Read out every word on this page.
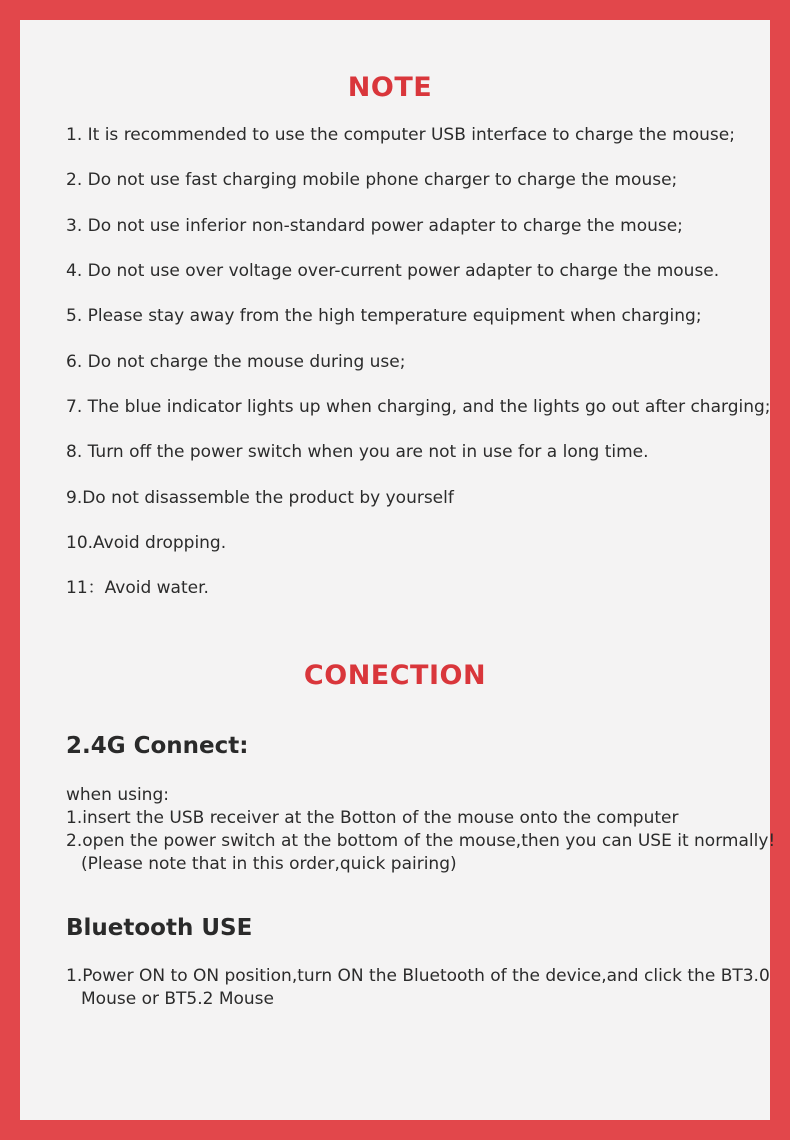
NOTE
1. It is recommended to use the computer USB interface to charge the mouse;
2. Do not use fast charging mobile phone charger to charge the mouse;
3. Do not use inferior non-standard power adapter to charge the mouse;
4. Do not use over voltage over-current power adapter to charge the mouse.
5. Please stay away from the high temperature equipment when charging;
6. Do not charge the mouse during use;
7. The blue indicator lights up when charging, and the lights go out after charging;
8. Turn off the power switch when you are not in use for a long time.
9.Do not disassemble the product by yourself
10.Avoid dropping.
11：Avoid water.
CONECTION
2.4G Connect:
when using:
1.insert the USB receiver at the Botton of the mouse onto the computer
2.open the power switch at the bottom of the mouse,then you can USE it normally!
(Please note that in this order,quick pairing)
Bluetooth USE
1.Power ON to ON position,turn ON the Bluetooth of the device,and click the BT3.0
Mouse or BT5.2 Mouse
